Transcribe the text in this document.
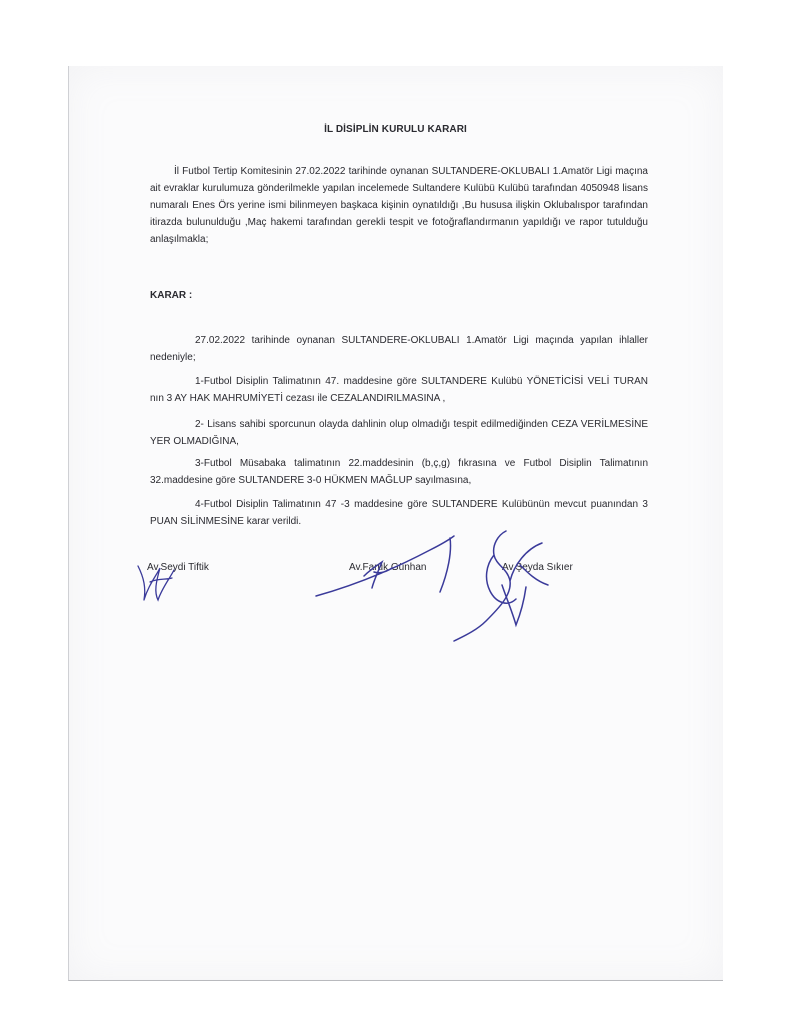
İL DİSİPLİN KURULU KARARI
İl Futbol Tertip Komitesinin 27.02.2022 tarihinde oynanan SULTANDERE-OKLUBALI 1.Amatör Ligi maçına ait evraklar kurulumuza gönderilmekle yapılan incelemede Sultandere Kulübü Kulübü tarafından 4050948 lisans numaralı Enes Örs yerine ismi bilinmeyen başkaca kişinin oynatıldığı ,Bu hususa ilişkin Oklubalıspor tarafından itirazda bulunulduğu ,Maç hakemi tarafından gerekli tespit ve fotoğraflandırmanın yapıldığı ve rapor tutulduğu anlaşılmakla;
KARAR :
27.02.2022 tarihinde oynanan SULTANDERE-OKLUBALI 1.Amatör Ligi maçında yapılan ihlaller nedeniyle;
1-Futbol Disiplin Talimatının 47. maddesine göre SULTANDERE Kulübü YÖNETİCİSİ VELİ TURAN nın 3 AY HAK MAHRUMİYETİ cezası ile CEZALANDIRILMASINA ,
2- Lisans sahibi sporcunun olayda dahlinin olup olmadığı tespit edilmediğinden CEZA VERİLMESİNE YER OLMADIĞINA,
3-Futbol Müsabaka talimatının 22.maddesinin (b,ç,g) fıkrasına ve Futbol Disiplin Talimatının 32.maddesine göre SULTANDERE 3-0 HÜKMEN MAĞLUP sayılmasına,
4-Futbol Disiplin Talimatının 47 -3 maddesine göre SULTANDERE Kulübünün mevcut puanından 3 PUAN SİLİNMESİNE karar verildi.
Av.Seydi Tiftik	Av.Faruk Günhan	Av.Şeyda Sıkıer
